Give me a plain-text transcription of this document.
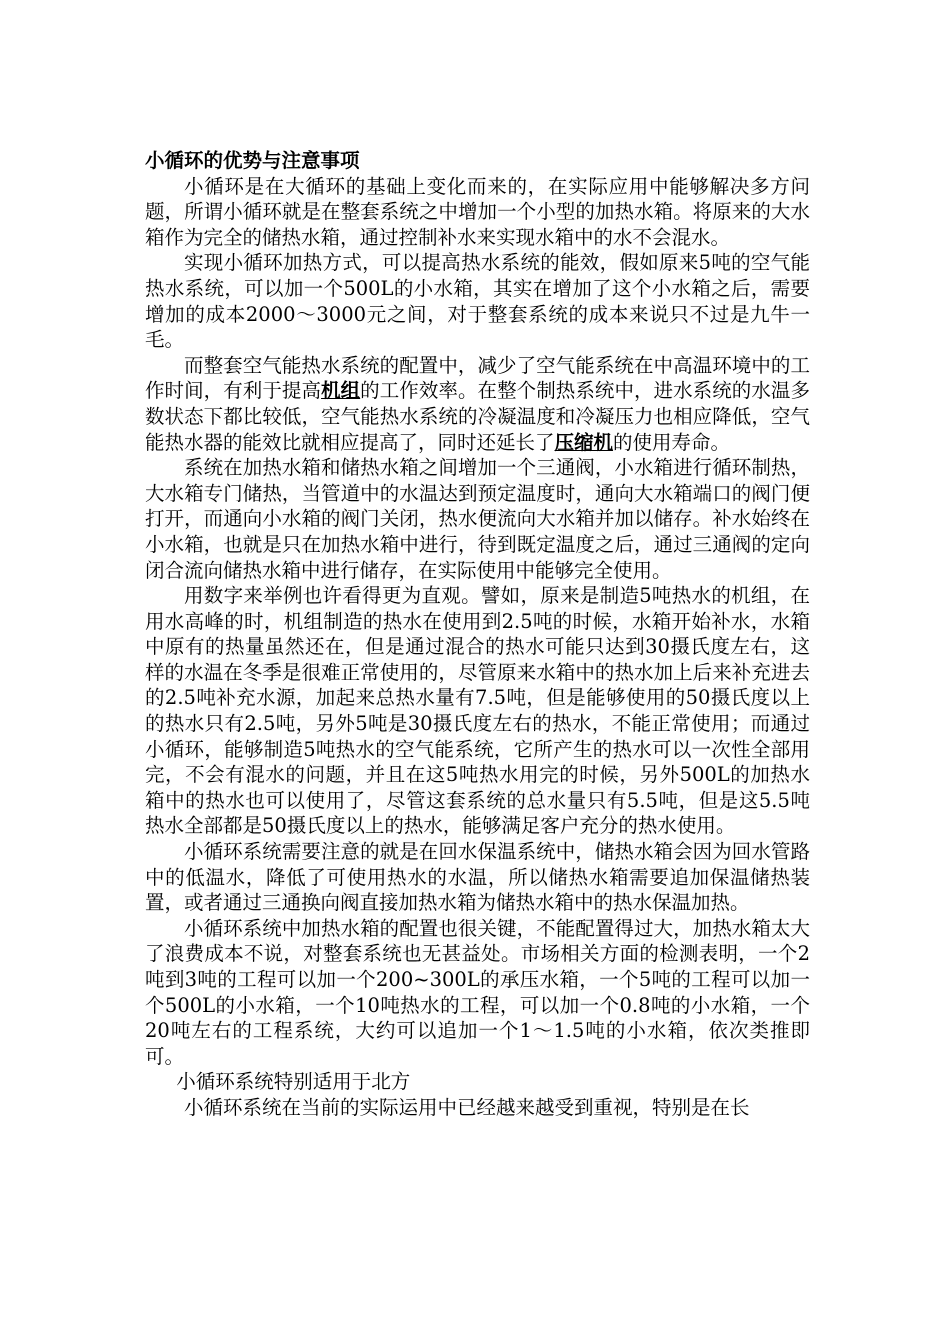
小循环的优势与注意事项

小循环是在大循环的基础上变化而来的，在实际应用中能够解决多方问题，所谓小循环就是在整套系统之中增加一个小型的加热水箱。将原来的大水箱作为完全的储热水箱，通过控制补水来实现水箱中的水不会混水。

实现小循环加热方式，可以提高热水系统的能效，假如原来5吨的空气能热水系统，可以加一个500L的小水箱，其实在增加了这个小水箱之后，需要增加的成本2000～3000元之间，对于整套系统的成本来说只不过是九牛一毛。

而整套空气能热水系统的配置中，减少了空气能系统在中高温环境中的工作时间，有利于提高机组的工作效率。在整个制热系统中，进水系统的水温多数状态下都比较低，空气能热水系统的冷凝温度和冷凝压力也相应降低，空气能热水器的能效比就相应提高了，同时还延长了压缩机的使用寿命。

系统在加热水箱和储热水箱之间增加一个三通阀，小水箱进行循环制热，大水箱专门储热，当管道中的水温达到预定温度时，通向大水箱端口的阀门便打开，而通向小水箱的阀门关闭，热水便流向大水箱并加以储存。补水始终在小水箱，也就是只在加热水箱中进行，待到既定温度之后，通过三通阀的定向闭合流向储热水箱中进行储存，在实际使用中能够完全使用。

用数字来举例也许看得更为直观。譬如，原来是制造5吨热水的机组，在用水高峰的时，机组制造的热水在使用到2.5吨的时候，水箱开始补水，水箱中原有的热量虽然还在，但是通过混合的热水可能只达到30摄氏度左右，这样的水温在冬季是很难正常使用的，尽管原来水箱中的热水加上后来补充进去的2.5吨补充水源，加起来总热水量有7.5吨，但是能够使用的50摄氏度以上的热水只有2.5吨，另外5吨是30摄氏度左右的热水，不能正常使用；而通过小循环，能够制造5吨热水的空气能系统，它所产生的热水可以一次性全部用完，不会有混水的问题，并且在这5吨热水用完的时候，另外500L的加热水箱中的热水也可以使用了，尽管这套系统的总水量只有5.5吨，但是这5.5吨热水全部都是50摄氏度以上的热水，能够满足客户充分的热水使用。

小循环系统需要注意的就是在回水保温系统中，储热水箱会因为回水管路中的低温水，降低了可使用热水的水温，所以储热水箱需要追加保温储热装置，或者通过三通换向阀直接加热水箱为储热水箱中的热水保温加热。

小循环系统中加热水箱的配置也很关键，不能配置得过大，加热水箱太大了浪费成本不说，对整套系统也无甚益处。市场相关方面的检测表明，一个2吨到3吨的工程可以加一个200~300L的承压水箱，一个5吨的工程可以加一个500L的小水箱，一个10吨热水的工程，可以加一个0.8吨的小水箱，一个20吨左右的工程系统，大约可以追加一个1～1.5吨的小水箱，依次类推即可。

小循环系统特别适用于北方

小循环系统在当前的实际运用中已经越来越受到重视，特别是在长
